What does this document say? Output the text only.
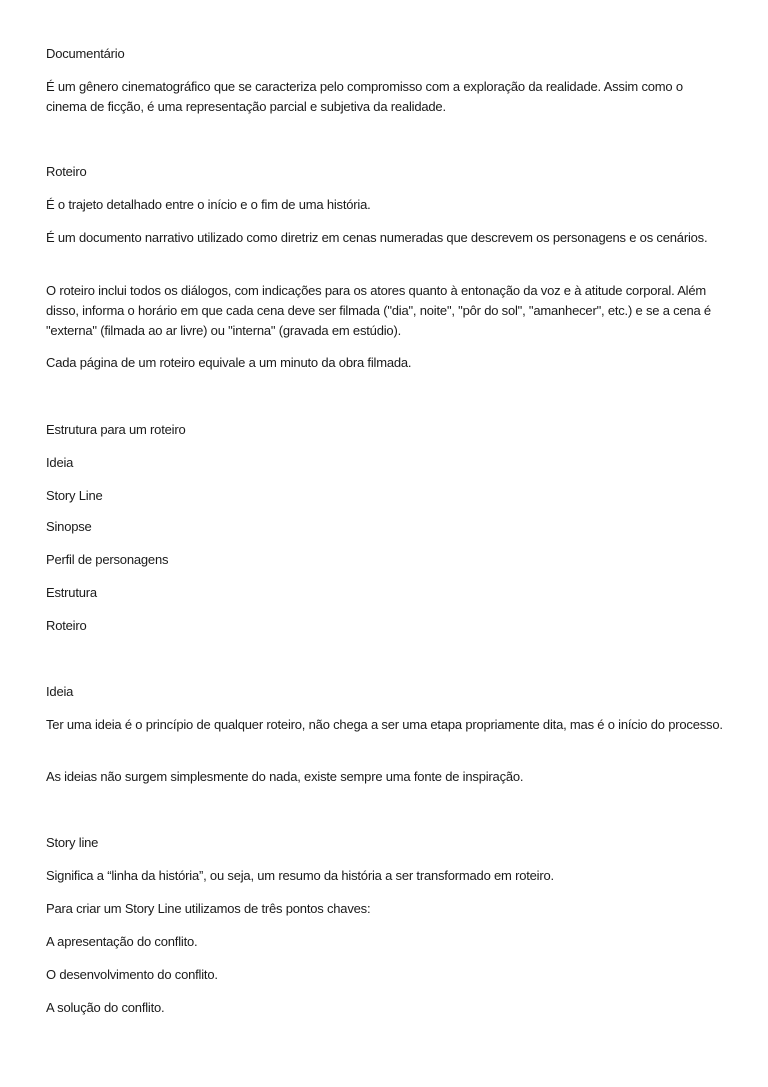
Documentário

É um gênero cinematográfico que se caracteriza pelo compromisso com a exploração da realidade. Assim como o cinema de ficção, é uma representação parcial e subjetiva da realidade.

Roteiro

É o trajeto detalhado entre o início e o fim de uma história.

É um documento narrativo utilizado como diretriz em cenas numeradas que descrevem os personagens e os cenários.

O roteiro inclui todos os diálogos, com indicações para os atores quanto à entonação da voz e à atitude corporal. Além disso, informa o horário em que cada cena deve ser filmada ("dia", noite", "pôr do sol", "amanhecer", etc.) e se a cena é "externa" (filmada ao ar livre) ou "interna" (gravada em estúdio).

Cada página de um roteiro equivale a um minuto da obra filmada.

Estrutura para um roteiro

Ideia

Story Line

Sinopse

Perfil de personagens

Estrutura

Roteiro

Ideia

Ter uma ideia é o princípio de qualquer roteiro, não chega a ser uma etapa propriamente dita, mas é o início do processo.

As ideias não surgem simplesmente do nada, existe sempre uma fonte de inspiração.

Story line

Significa a “linha da história”, ou seja, um resumo da história a ser transformado em roteiro.

Para criar um Story Line utilizamos de três pontos chaves:

A apresentação do conflito.

O desenvolvimento do conflito.

A solução do conflito.
